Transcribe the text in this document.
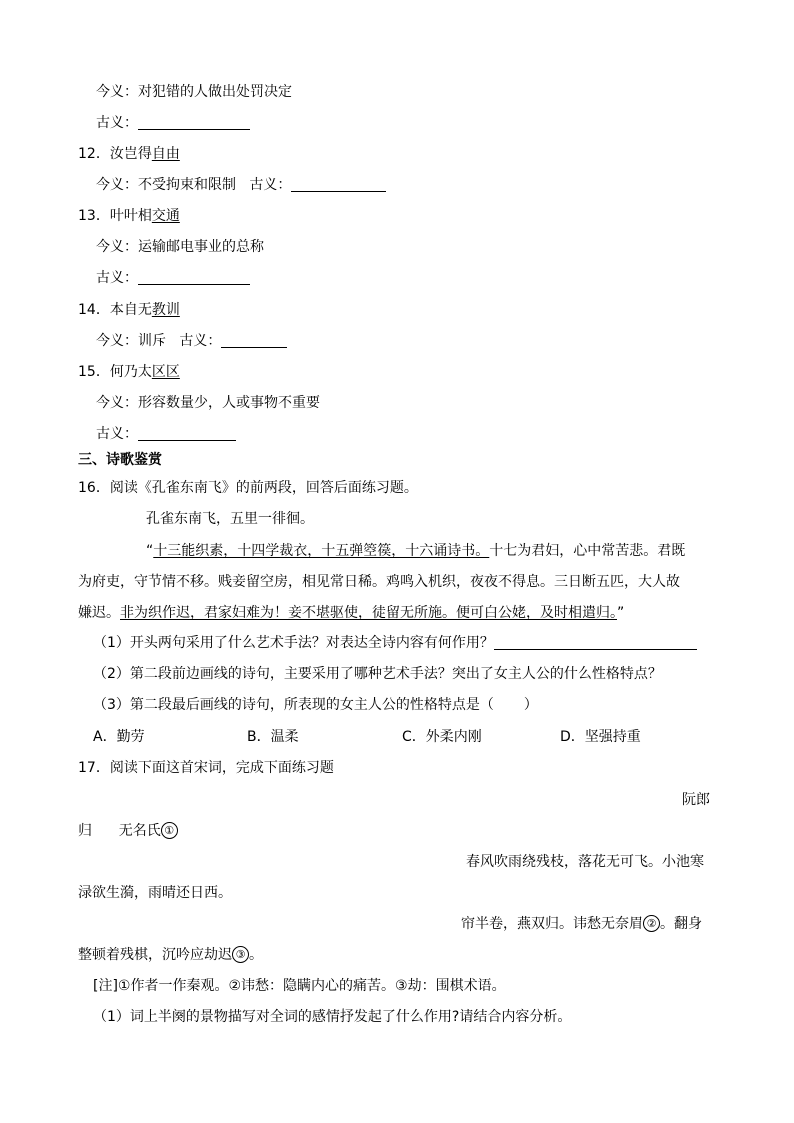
今义：对犯错的人做出处罚决定
古义：
12．汝岂得自由
今义：不受拘束和限制 古义：
13．叶叶相交通
今义：运输邮电事业的总称
古义：
14．本自无教训
今义：训斥 古义：
15．何乃太区区
今义：形容数量少，人或事物不重要
古义：
三、诗歌鉴赏
16．阅读《孔雀东南飞》的前两段，回答后面练习题。
孔雀东南飞，五里一徘徊。
“十三能织素，十四学裁衣，十五弹箜篌，十六诵诗书。十七为君妇，心中常苦悲。君既
为府吏，守节情不移。贱妾留空房，相见常日稀。鸡鸣入机织，夜夜不得息。三日断五匹，大人故
嫌迟。非为织作迟，君家妇难为！妾不堪驱使，徒留无所施。便可白公姥，及时相遣归。”
（1）开头两句采用了什么艺术手法？对表达全诗内容有何作用？
（2）第二段前边画线的诗句，主要采用了哪种艺术手法？突出了女主人公的什么性格特点？
（3）第二段最后画线的诗句，所表现的女主人公的性格特点是（ ）
A．勤劳	B．温柔	C．外柔内刚	D．坚强持重
17．阅读下面这首宋词，完成下面练习题
阮郎
归 无名氏 ①
春风吹雨绕残枝，落花无可飞。小池寒
渌欲生漪，雨晴还日西。
帘半卷，燕双归。讳愁无奈眉 ② 。翻身
整顿着残棋，沉吟应劫迟 ③ 。
[注]①作者一作秦观。②讳愁：隐瞒内心的痛苦。③劫：围棋术语。
（1）词上半阕的景物描写对全词的感情抒发起了什么作用?请结合内容分析。
